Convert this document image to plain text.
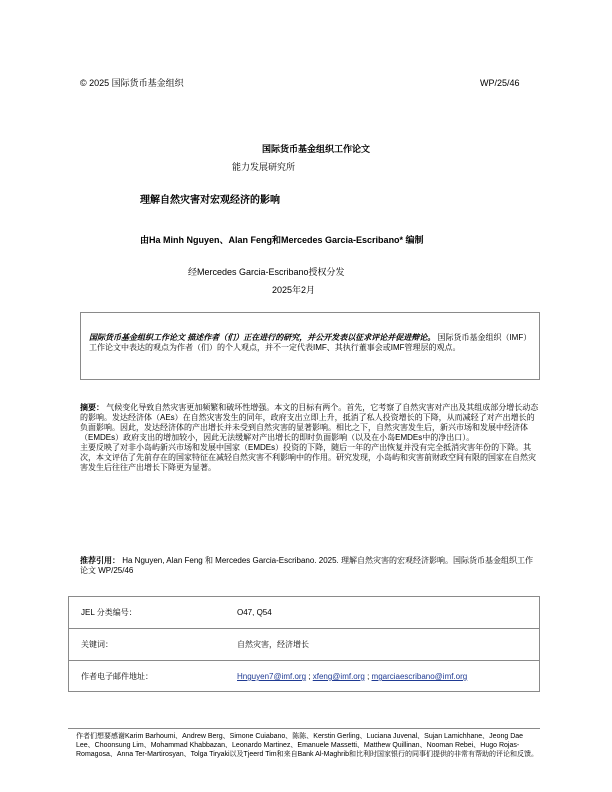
© 2025 国际货币基金组织	WP/25/46
国际货币基金组织工作论文
能力发展研究所
理解自然灾害对宏观经济的影响
由Ha Minh Nguyen、Alan Feng和Mercedes Garcia-Escribano* 编制
经Mercedes Garcia-Escribano授权分发
2025年2月
国际货币基金组织工作论文 描述作者（们）正在进行的研究，并公开发表以征求评论并促进辩论。 国际货币基金组织（IMF）工作论文中表达的观点为作者（们）的个人观点，并不一定代表IMF、其执行董事会或IMF管理层的观点。
摘要： 气候变化导致自然灾害更加频繁和破坏性增强。本文的目标有两个。首先，它考察了自然灾害对产出及其组成部分增长动态的影响。发达经济体（AEs）在自然灾害发生的同年，政府支出立即上升，抵消了私人投资增长的下降，从而减轻了对产出增长的负面影响。因此，发达经济体的产出增长并未受到自然灾害的显著影响。相比之下，自然灾害发生后，新兴市场和发展中经济体（EMDEs）政府支出的增加较小，因此无法缓解对产出增长的即时负面影响（以及在小岛EMDEs中的净出口）。
主要反映了对非小岛屿新兴市场和发展中国家（EMDEs）投资的下降，随后一年的产出恢复并没有完全抵消灾害年份的下降。其次，本文评估了先前存在的国家特征在减轻自然灾害不利影响中的作用。研究发现，小岛屿和灾害前财政空间有限的国家在自然灾害发生后往往产出增长下降更为显著。
推荐引用： Ha Nguyen, Alan Feng 和 Mercedes Garcia-Escribano. 2025. 理解自然灾害的宏观经济影响。国际货币基金组织工作论文 WP/25/46
JEL 分类编号：	O47, Q54
关键词：	自然灾害，经济增长
作者电子邮件地址：	Hnguyen7@imf.org ; xfeng@imf.org ; mgarciaescribano@imf.org
作者们想要感谢Karim Barhoumi、Andrew Berg、Simone Cuiabano、陈陈、Kerstin Gerling、Luciana Juvenal、Sujan Lamichhane、Jeong Dae Lee、Choonsung Lim、Mohammad Khabbazan、Leonardo Martinez、Emanuele Massetti、Matthew Quillinan、Nooman Rebei、Hugo Rojas-Romagosa、Anna Ter-Martirosyan、Tolga Tiryaki以及Tjeerd Tim和来自Bank Al-Maghrib和比利时国家银行的同事们提供的非常有帮助的评论和反馈。
